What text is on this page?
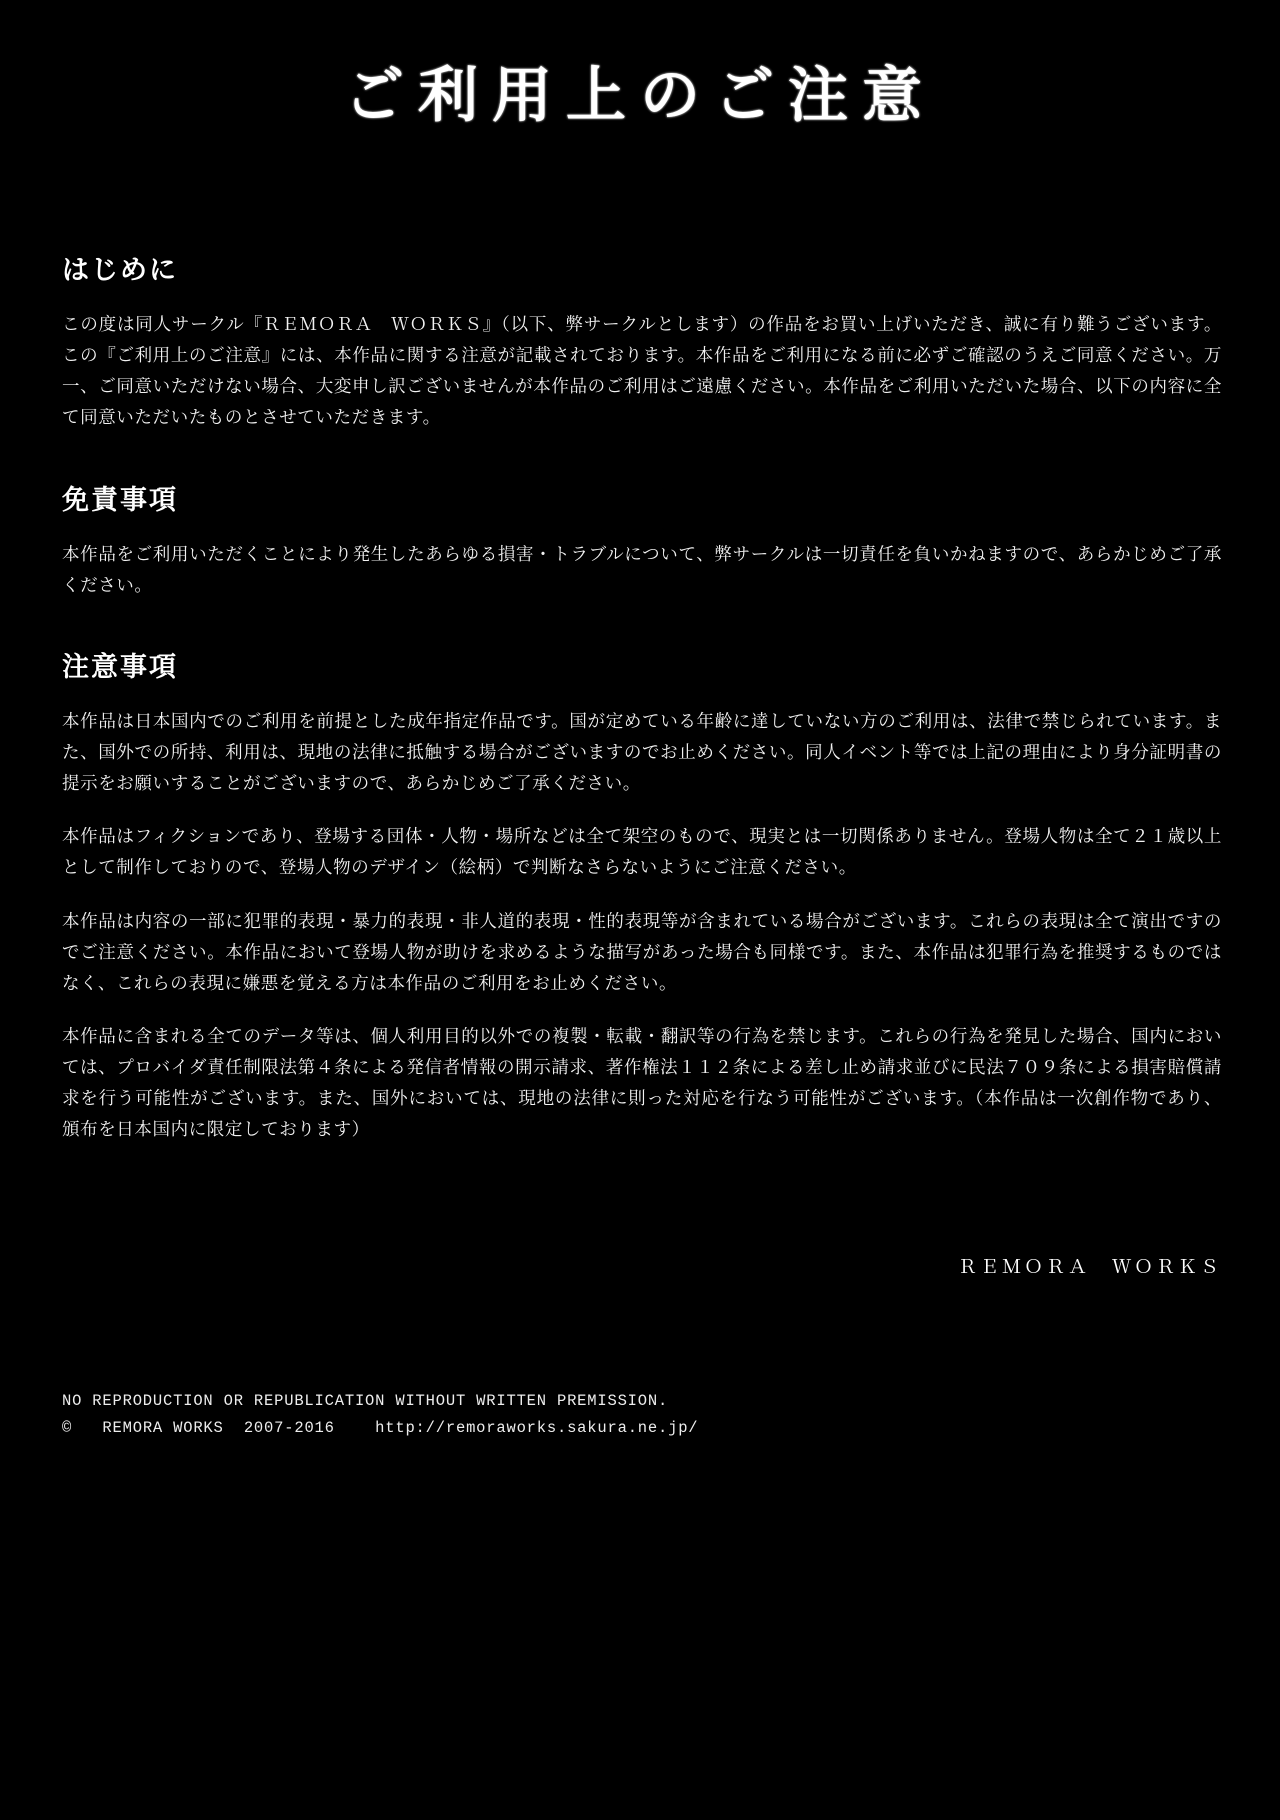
ご利用上のご注意
はじめに

この度は同人サークル『ＲＥＭＯＲＡ　ＷＯＲＫＳ』（以下、弊サークルとします）の作品をお買い上げいただき、誠に有り難うございます。この『ご利用上のご注意』には、本作品に関する注意が記載されております。本作品をご利用になる前に必ずご確認のうえご同意ください。万一、ご同意いただけない場合、大変申し訳ございませんが本作品のご利用はご遠慮ください。本作品をご利用いただいた場合、以下の内容に全て同意いただいたものとさせていただきます。

免責事項

本作品をご利用いただくことにより発生したあらゆる損害・トラブルについて、弊サークルは一切責任を負いかねますので、あらかじめご了承ください。

注意事項

本作品は日本国内でのご利用を前提とした成年指定作品です。国が定めている年齢に達していない方のご利用は、法律で禁じられています。また、国外での所持、利用は、現地の法律に抵触する場合がございますのでお止めください。同人イベント等では上記の理由により身分証明書の提示をお願いすることがございますので、あらかじめご了承ください。

本作品はフィクションであり、登場する団体・人物・場所などは全て架空のもので、現実とは一切関係ありません。登場人物は全て２１歳以上として制作しておりので、登場人物のデザイン（絵柄）で判断なさらないようにご注意ください。

本作品は内容の一部に犯罪的表現・暴力的表現・非人道的表現・性的表現等が含まれている場合がございます。これらの表現は全て演出ですのでご注意ください。本作品において登場人物が助けを求めるような描写があった場合も同様です。また、本作品は犯罪行為を推奨するものではなく、これらの表現に嫌悪を覚える方は本作品のご利用をお止めください。

本作品に含まれる全てのデータ等は、個人利用目的以外での複製・転載・翻訳等の行為を禁じます。これらの行為を発見した場合、国内においては、プロバイダ責任制限法第４条による発信者情報の開示請求、著作権法１１２条による差し止め請求並びに民法７０９条による損害賠償請求を行う可能性がございます。また、国外においては、現地の法律に則った対応を行なう可能性がございます。（本作品は一次創作物であり、頒布を日本国内に限定しております）

ＲＥＭＯＲＡ　ＷＯＲＫＳ
NO REPRODUCTION OR REPUBLICATION WITHOUT WRITTEN PREMISSION.
©   REMORA WORKS  2007-2016    http://remoraworks.sakura.ne.jp/
